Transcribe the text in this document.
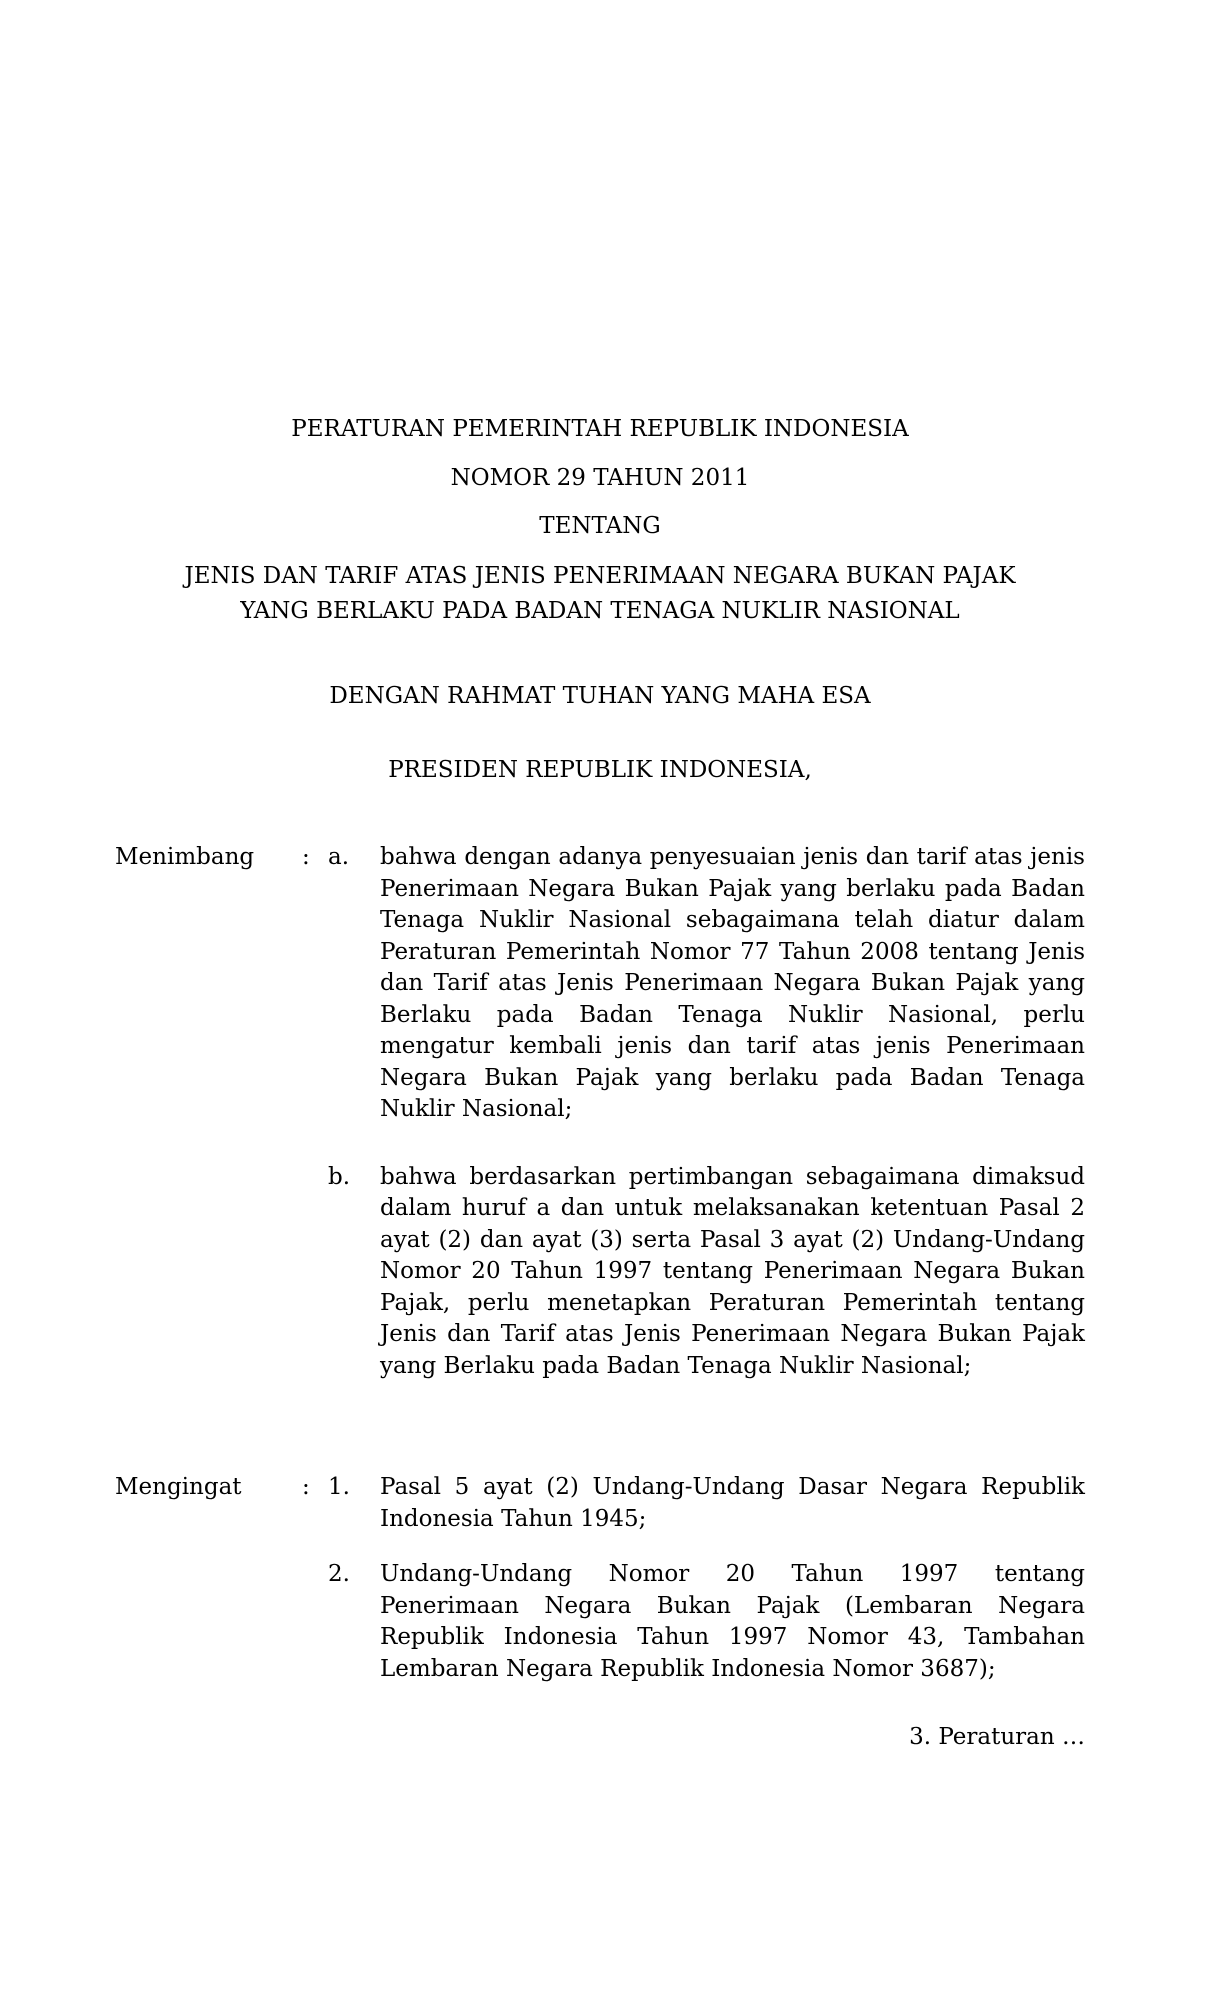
PERATURAN PEMERINTAH REPUBLIK INDONESIA
NOMOR 29 TAHUN 2011
TENTANG
JENIS DAN TARIF ATAS JENIS PENERIMAAN NEGARA BUKAN PAJAK
YANG BERLAKU PADA BADAN TENAGA NUKLIR NASIONAL
DENGAN RAHMAT TUHAN YANG MAHA ESA
PRESIDEN REPUBLIK INDONESIA,
Menimbang	: a.	bahwa dengan adanya penyesuaian jenis dan tarif atas jenis Penerimaan Negara Bukan Pajak yang berlaku pada Badan Tenaga Nuklir Nasional sebagaimana telah diatur dalam Peraturan Pemerintah Nomor 77 Tahun 2008 tentang Jenis dan Tarif atas Jenis Penerimaan Negara Bukan Pajak yang Berlaku pada Badan Tenaga Nuklir Nasional, perlu mengatur kembali jenis dan tarif atas jenis Penerimaan Negara Bukan Pajak yang berlaku pada Badan Tenaga Nuklir Nasional;
b.	bahwa berdasarkan pertimbangan sebagaimana dimaksud dalam huruf a dan untuk melaksanakan ketentuan Pasal 2 ayat (2) dan ayat (3) serta Pasal 3 ayat (2) Undang-Undang Nomor 20 Tahun 1997 tentang Penerimaan Negara Bukan Pajak, perlu menetapkan Peraturan Pemerintah tentang Jenis dan Tarif atas Jenis Penerimaan Negara Bukan Pajak yang Berlaku pada Badan Tenaga Nuklir Nasional;
Mengingat	: 1.	Pasal 5 ayat (2) Undang-Undang Dasar Negara Republik Indonesia Tahun 1945;
2.	Undang-Undang Nomor 20 Tahun 1997 tentang Penerimaan Negara Bukan Pajak (Lembaran Negara Republik Indonesia Tahun 1997 Nomor 43, Tambahan Lembaran Negara Republik Indonesia Nomor 3687);
3. Peraturan …
